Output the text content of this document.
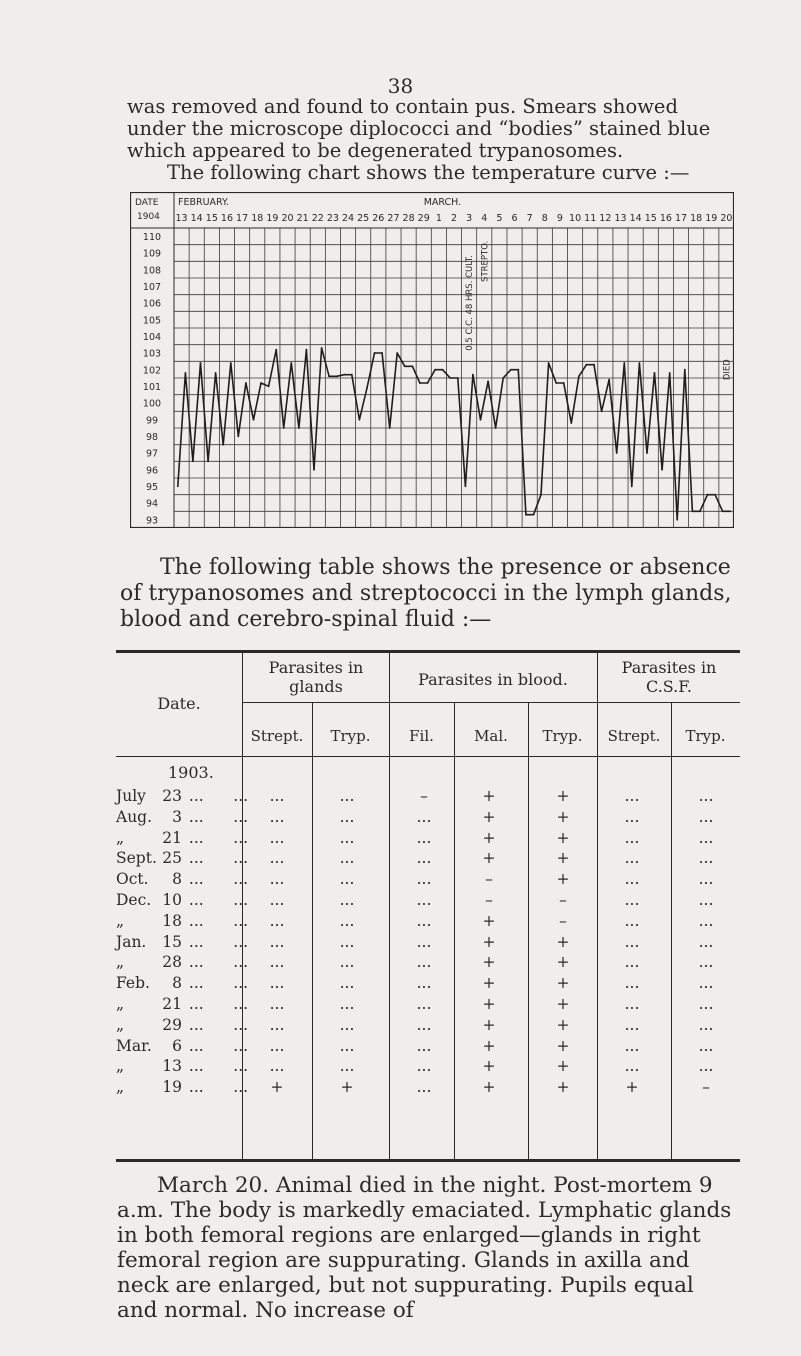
38

was removed and found to contain pus. Smears showed under the microscope diplococci and “bodies” stained blue which appeared to be degenerated trypanosomes.
The following chart shows the temperature curve :—

DATE
1904
FEBRUARY.	MARCH.
13 14 15 16 17 18 19 20 21 22 23 24 25 26 27 28 29 1 2 3 4 5 6 7 8 9 10 11 12 13 14 15 16 17 18 19 20
110
109
108
107
106
105
104
103
102
101
100
99
98
97
96
95
94
93
0.5 C.C. 48 HRS. CULT. STREPTO.
DIED

The following table shows the presence or absence of trypanosomes and streptococci in the lymph glands, blood and cerebro-spinal fluid :—

Date.
Parasites in glands	Parasites in blood.
Parasites in C.S.F.
Strept.	Tryp.	Fil.	Mal.	Tryp.	Strept.	Tryp.
1903.
July 23 ...      ...	...	...	–	+	+	...	...
Aug.	3 ...      ...	...	...	...	+	+	...	...
„ 21 ...      ...	...	...	...	+	+	...	...
Sept. 25 ...      ...	...	...	...	+	+	...	...
Oct.	8 ...      ...	...	...	...	–	+	...	...
Dec. 10 ...      ...	...	...	...	–	–	...	...
„ 18 ...      ...	...	...	...	+	–	...	...
Jan. 15 ...      ...	...	...	...	+	+	...	...
„ 28 ...      ...	...	...	...	+	+	...	...
Feb.	8 ...      ...	...	...	...	+	+	...	...
„ 21 ...      ...	...	...	...	+	+	...	...
„ 29 ...      ...	...	...	...	+	+	...	...
Mar.	6 ...      ...	...	...	...	+	+	...	...
„ 13 ...      ...	...	...	...	+	+	...	...
„ 19 ...      ...	+	+	...	+	+	+	–

March 20. Animal died in the night. Post-mortem 9 a.m. The body is markedly emaciated. Lymphatic glands in both femoral regions are enlarged—glands in right femoral region are suppurating. Glands in axilla and neck are enlarged, but not suppurating. Pupils equal and normal. No increase of
